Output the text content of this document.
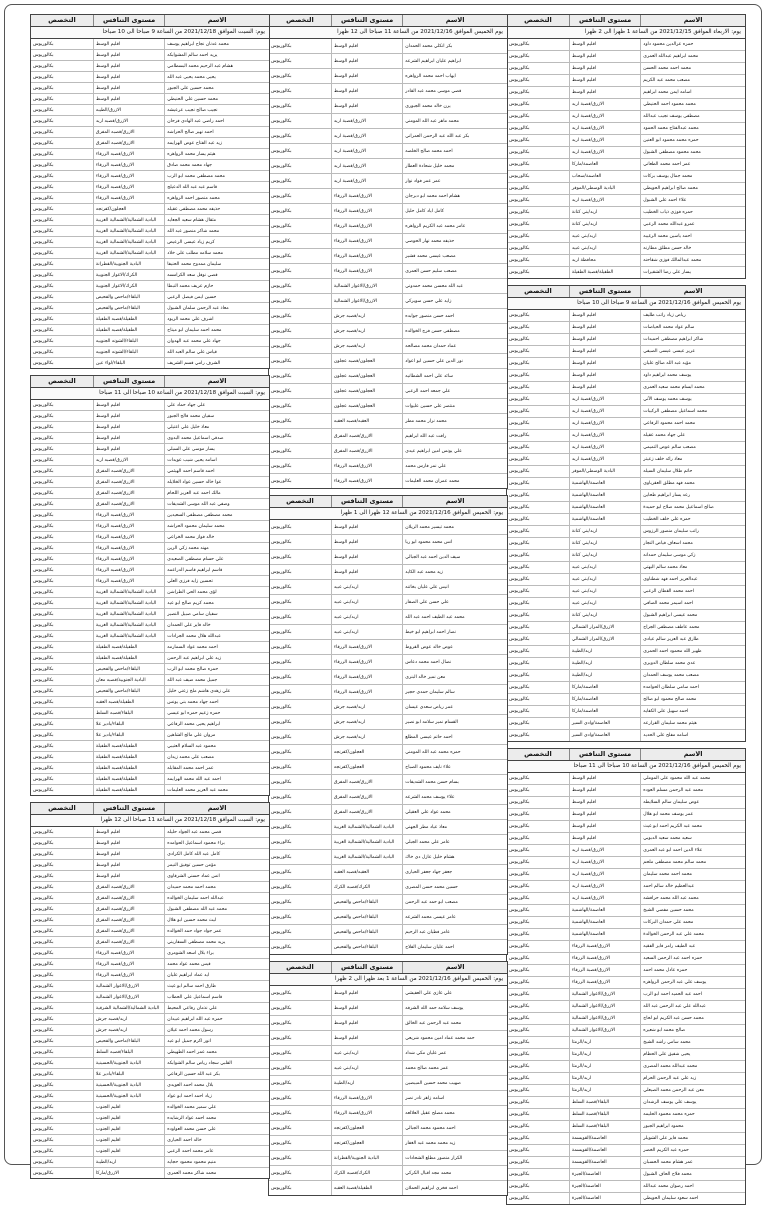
الاسم
مستوى التنافس
التخصص
يوم: الاربعاء الموافق 2021/12/15 من الساعة 1 ظهرا الى 2 ظهرا
حمزه عزالدين محمود داود
اقليم الوسط
بكالوريوس
محمد ابراهيم عبدالله العمري
اقليم الوسط
بكالوريوس
محمد احمد محمد الحسن
اقليم الوسط
بكالوريوس
مصعب محمد عبد الكريم
اقليم الوسط
بكالوريوس
اسامه ايمن محمد ابراهيم
اقليم الوسط
بكالوريوس
محمد محمود احمد الحنيطي
الازرق/قصبة اربد
بكالوريوس
مصطفى يوسف نجيب عبدالله
الازرق/قصبة اربد
بكالوريوس
محمد عبدالفتاح محمد الحمود
الازرق/قصبة اربد
بكالوريوس
حمزه محمد محمود ابو العنين
الازرق/قصبة اربد
بكالوريوس
محمد محمود مصطفى الشبول
الازرق/قصبة اربد
بكالوريوس
عمر احمد محمد الطعاني
العاصمة/ماركا
بكالوريوس
محمد جمال يوسف بركات
العاصمة/سحاب
بكالوريوس
محمد صالح ابراهيم الحويطي
البادية الوسطى/الموقر
بكالوريوس
علاء احمد علي الشبول
الازرق/قصبة اربد
بكالوريوس
حمزه فوزي ذياب الخطيب
اربد/بني كنانة
بكالوريوس
عمرو عبدالله محمد الزعبي
اربد/بني كنانة
بكالوريوس
احمد ياسين محمد الزغيبه
اربد/بني عبيد
بكالوريوس
خالد حسن مطلق مطارنه
اربد/بني عبيد
بكالوريوس
محمد عبدالمالك فوزي شقاحنه
محافظة اربد
بكالوريوس
يسار علي رضا الشقيرات
الطفيلة/قصبة الطفيلة
بكالوريوس
الاسم
مستوى التنافس
التخصص
يوم الخميس الموافق 2021/12/16 من الساعة 9 صباحا الى 10 صباحا
رياض زياد راتب طليف
اقليم الوسط
بكالوريوس
سالم عواد محمد الحياصات
اقليم الوسط
بكالوريوس
شاكر ابراهيم مصطفى احميدات
اقليم الوسط
بكالوريوس
عزيز عيسى عيسى الصيفي
اقليم الوسط
بكالوريوس
مؤيد عبد الله صالح عليان
اقليم الوسط
بكالوريوس
يوسف محمد ابراهيم داود
اقليم الوسط
بكالوريوس
محمد ابسام محمد سعيد العمري
اقليم الوسط
بكالوريوس
يوسف محمد يوسف الآتي
الازرق/قصبة اربد
بكالوريوس
محمد اسماعيل مصطفى الركيبات
الازرق/قصبة اربد
بكالوريوس
محمد احمد محمود الرفاعي
الازرق/قصبة اربد
بكالوريوس
علي جهاد محمد عقيله
الازرق/قصبة اربد
بكالوريوس
مصعب سالم عوض التميمي
الازرق/قصبة اربد
بكالوريوس
معاذ رائد خلف زعيتر
الازرق/قصبة اربد
بكالوريوس
حاتم طلال سليمان السيله
البادية الوسطى/الموقر
بكالوريوس
محمد فهد مطلق العقرباوي
العاصمة/الهاشمية
بكالوريوس
رعد يسار ابراهيم طحاين
العاصمة/الهاشمية
بكالوريوس
صالح اسماعيل محمد صلاح ابو حميدة
العاصمة/الهاشمية
بكالوريوس
حمزه علي خلف الخطيب
العاصمة/الهاشمية
بكالوريوس
راتب سليمان منصور الرزوس
اربد/بني كنانة
بكالوريوس
محمد اسعاف فياض النجار
اربد/بني كنانة
بكالوريوس
زكي موسى سليمان حمدانه
اربد/بني كنانة
بكالوريوس
معاذ محمد سالم البهتي
اربد/بني عبيد
بكالوريوس
عبدالعزيز احمد فهد شطناوي
اربد/بني عبيد
بكالوريوس
احمد محمد القطان الزعبي
اربد/بني عبيد
بكالوريوس
احمد اسيمر محمد الصافي
اربد/بني عبيد
بكالوريوس
محمد عيسى ابراهيم الشبول
اربد/بني كنانة
بكالوريوس
محمد عاطف مصطفى الجراح
الازرق/المزار الشمالي
بكالوريوس
طارق عبد العزيز سالم عيادي
الازرق/المزار الشمالي
بكالوريوس
ظهير الله محمود احمد الحمري
اربد/الطيبة
بكالوريوس
عدي محمد سلطان الدويري
اربد/الطيبة
بكالوريوس
مصعب محمد يوسف الحمدان
اربد/الطيبة
بكالوريوس
احمد سامي سلطان الحوامده
العاصمة/ماركا
بكالوريوس
محمد صالح محمود ابو صالح
العاصمة/ماركا
بكالوريوس
احمد سهيل علي الكفايه
العاصمة/ماركا
بكالوريوس
هيثم محمد سليمان القرارعه
العاصمة/وادي السير
بكالوريوس
اسامه مفلح علي الحديد
العاصمة/وادي السير
بكالوريوس
الاسم
مستوى التنافس
التخصص
يوم الخميس الموافق 2021/12/16 من الساعة 10 صباحا الى 11 صباحا
محمد عبد الله محمود علي الموملي
اقليم الوسط
بكالوريوس
محمد عبد الرحمن مسلم العوده
اقليم الوسط
بكالوريوس
عوض سليمان سالم السلايطه
اقليم الوسط
بكالوريوس
عمر يوسف محمد ابو هلال
اقليم الوسط
بكالوريوس
محمد عبد الكريم احمد ابو غيث
اقليم الوسط
بكالوريوس
سعيد محمد سعيد الدبوبي
اقليم الوسط
بكالوريوس
علاء الدين احمد ابو عبد العمري
الازرق/قصبة اربد
بكالوريوس
محمد سالم محمد مصطفى ملحم
الازرق/قصبة اربد
بكالوريوس
محمد احمد محمد سليمان
الازرق/قصبة اربد
بكالوريوس
عبدالعظيم خالد سالم احمد
الازرق/قصبة اربد
بكالوريوس
محمد عبد الله محمد حرافشه
الازرق/قصبة اربد
بكالوريوس
محمد حسين مفضي الشيخ
العاصمة/الهاشمية
بكالوريوس
محمد علي حمدان البركات
العاصمة/الهاشمية
بكالوريوس
محمد علي عبد الرحمن الخوالدة
العاصمة/الهاشمية
بكالوريوس
عبد الطيف رامز فايز الفقيه
الازرق/قصبة الزرقاء
بكالوريوس
حمزه احمد عبد الرحمن السعيد
الازرق/قصبة الزرقاء
بكالوريوس
حمزه عادل محمد احمد
الازرق/قصبة الزرقاء
بكالوريوس
يوسف علي عبد الرحمن الزواهره
الازرق/قصبة الزرقاء
بكالوريوس
احمد عبد الحميد احمد ابو الرب
الازرق/الاغوار الشمالية
بكالوريوس
عبدالله علي عبد الرحمن عبد الله
الازرق/الاغوار الشمالية
بكالوريوس
محمد حسن عبد الكريم ابو لحاج
الازرق/الاغوار الشمالية
بكالوريوس
صالح محمد ابو شعيره
الازرق/الاغوار الشمالية
بكالوريوس
محمد سامي راشد الشيخ
اربد/الرمثا
بكالوريوس
يحيى شفيق علي الحطام
اربد/الرمثا
بكالوريوس
محمد عبدالله محمد المصري
اربد/الرمثا
بكالوريوس
زيد علي عبد الرحمن الحرام
اربد/الرمثا
بكالوريوس
معن عبد الرحمن محمد الصيعلي
اربد/الرمثا
بكالوريوس
يوسف علي يوسف الرشدان
البلقاء/قصبة السلط
بكالوريوس
حمزه محمد محمود الحليمه
البلقاء/قصبة السلط
بكالوريوس
محمود ابراهيم الجبور
البلقاء/قصبة السلط
بكالوريوس
محمد فايز علي الشويلر
العاصمة/القويسمة
بكالوريوس
حمزه عبد الكريم الخضر
العاصمة/القويسمة
بكالوريوس
عمر هشام محمد الحسبان
العاصمة/القويسمة
بكالوريوس
محمد فلاح الحاف الشبول
العاصمة/الجيزة
بكالوريوس
احمد رضوان محمد عبدالله
العاصمة/الجيزة
بكالوريوس
احمد سعود سليمان الحويطي
العاصمة/الجيزة
بكالوريوس
الاسم
مستوى التنافس
التخصص
يوم الخميس الموافق 2021/12/16 من الساعة 11 صباحا الى 12 ظهرا
بكر انكلي محمد الحمدان
اقليم الوسط
بكالوريوس
ابراهيم عليان ابراهيم الشرعه
اقليم الوسط
بكالوريوس
ايهاب احمد محمد الزواهره
اقليم الوسط
بكالوريوس
قصي موسى محمد عبد القادر
اقليم الوسط
بكالوريوس
يزن خالد محمد الجبوري
اقليم الوسط
بكالوريوس
محمد ماهر عبد الله المومني
الازرق/قصبة اربد
بكالوريوس
بكر عبد الله عبد الرحمن العمراني
الازرق/قصبة اربد
بكالوريوس
احمد محمد صالح الخلصه
الازرق/قصبة اربد
بكالوريوس
محمد خليل شحادة العطار
الازرق/قصبة اربد
بكالوريوس
عمر عمر فواد نوار
الازرق/قصبة اربد
بكالوريوس
هشام احمد محمد ابو دبرجان
الازرق/قصبة الزرقاء
بكالوريوس
كامل اياد كامل حليل
الازرق/قصبة الزرقاء
بكالوريوس
عامر محمد عبد الكريم الزواهره
الازرق/قصبة الزرقاء
بكالوريوس
حذيفه محمد نهار الحوصي
الازرق/قصبة الزرقاء
بكالوريوس
مصعب عيسى محمد قشير
الازرق/قصبة الزرقاء
بكالوريوس
مصعب سليم حسن العمري
الازرق/قصبة الزرقاء
بكالوريوس
عبد الله محسن محمد حمدوني
الازرق/الاغوار الشمالية
بكالوريوس
زايد علي حسن سويركي
الازرق/الاغوار الشمالية
بكالوريوس
احمد حسن منصور جوابده
اربد/قصبه جرش
بكالوريوس
مصطفى حسن فرج الخوالده
اربد/قصبه جرش
بكالوريوس
عماد حمدان محمد مصالحه
اربد/قصبه جرش
بكالوريوس
نور الدين علي حسين ابو اعواد
العجلون/قصبه عجلون
بكالوريوس
سائد علي احمد الشطانيه
العجلون/قصبه عجلون
بكالوريوس
علي جمعه احمد الزعبي
العجلون/قصبه عجلون
بكالوريوس
منتصر علي حسين عليوات
العجلون/قصبه عجلون
بكالوريوس
محمد نزار محمد مطر
العقبه/قصبه العقبه
بكالوريوس
رافت عبد الله ابراهيم
الازرق/قصبه المفرق
بكالوريوس
علي يونس امين ابراهيم عيدي
الازرق/قصبه المفرق
بكالوريوس
علي نمر فارس محمد
الازرق/قصبه الزرقاء
بكالوريوس
محمد عمران محمد العليمات
الازرق/قصبه الزرقاء
بكالوريوس
الاسم
مستوى التنافس
التخصص
يوم: الخميس الموافق 2021/12/16 من الساعة 12 ظهرا الى 1 ظهرا
محمد تيسير محمد الزيلان
اقليم الوسط
بكالوريوس
انس محمد محمود ابو ريا
اقليم الوسط
بكالوريوس
سيف الدين احمد عبد الجبالي
اقليم الوسط
بكالوريوس
زيد محمد عبد الكايد
اقليم الوسط
بكالوريوس
انيس علي عليان بخاتنه
اربد/بني عبيد
بكالوريوس
علي حسن علي الصفار
اربد/بني عبيد
بكالوريوس
محمد عبد الطيف احمد عبد الله
اربد/بني عبيد
بكالوريوس
نصار احمد ابراهيم ابو خيط
اربد/بني عبيد
بكالوريوس
عوض خالد عوض القروط
الازرق/قصبة الزرقاء
بكالوريوس
نضال احمد محمد دعاس
الازرق/قصبة الزرقاء
بكالوريوس
معن نمير خالد البنزي
الازرق/قصبة الزرقاء
بكالوريوس
سالم سليمان حمدي حجير
الازرق/قصبة الزرقاء
بكالوريوس
عمر رياض سعدي عيسان
اربد/قصبه جرش
بكالوريوس
القسام نمير سلامه ابو نصير
اربد/قصبه جرش
بكالوريوس
احمد حاتم عيسى المطلع
اربد/قصبه جرش
بكالوريوس
حمزه محمد عبد الله المومني
العجلون/كفرنجه
بكالوريوس
علاء نايف محمود الصباح
العجلون/كفرنجه
بكالوريوس
بسام حسن محمد الشديفات
الازرق/قصبه المفرق
بكالوريوس
علاء يوسف محمد الشرعه
الازرق/قصبه المفرق
بكالوريوس
محمد عواد علي العقيلي
الازرق/قصبه المفرق
بكالوريوس
معاذ عياد مطر الجهني
البادية الشمالية/الشمالية الغربية
بكالوريوس
عامر علي محمد الجبلي
البادية الشمالية/الشمالية الغربية
بكالوريوس
هشام خليل عازل دي خاك
البادية الشمالية/الشمالية الغربية
بكالوريوس
جعفر جهاد جعفر الحياري
العقبه/قصبه العقبه
بكالوريوس
حسين محمد حسن المصري
الكرك/قصبه الكرك
بكالوريوس
مصعب ابو حمد عبد الرحمن
البلقاء/ماحص والفحيص
بكالوريوس
عامر عيسى محمد الشرعه
البلقاء/ماحص والفحيص
بكالوريوس
عامر فطيان عبد الرحيم
البلقاء/ماحص والفحيص
بكالوريوس
احمد عليان سليمان الفلاح
البلقاء/ماحص والفحيص
بكالوريوس
الاسم
مستوى التنافس
التخصص
يوم: الخميس الموافق 2021/12/16 من الساعة 1 بعد ظهرا الى 2 ظهرا
علي غازي علي العفيشي
اقليم الوسط
بكالوريوس
يوسف سلامه حمد الله الشرفه
اقليم الوسط
بكالوريوس
محمد عبد الرحمن عبد الخالق
اقليم الوسط
بكالوريوس
حمد محمد عماد امين محمود شريعي
اقليم الوسط
بكالوريوس
عمر عليان مكي شداد
اربد/بني عبيد
بكالوريوس
عمر محمد صالح محمد
اربد/بني عبيد
بكالوريوس
صهيب محمد حسين المبيضين
اربد/الطيبة
بكالوريوس
اسامه زاهر نادر نصر
الازرق/قصبة الزرقاء
بكالوريوس
محمد مصلح عقيل العلالعه
الازرق/قصبة الزرقاء
بكالوريوس
احمد محمود محمد الجبالي
العجلون/كفرنجه
بكالوريوس
زيد محمد محمد عبد الغفار
العجلون/كفرنجه
بكالوريوس
الكرار منصور مطلع الشحادات
البادية الجنوبية/القطرانة
بكالوريوس
محمد مجد اقبال الكركي
الكرك/قصبه الكرك
بكالوريوس
احمد فخري ابراهيم الحملان
الطفيلة/قصبة العقبه
بكالوريوس
الاسم
مستوى التنافس
التخصص
يوم: السبت الموافق 2021/12/18 من الساعة 9 صباحا الى 10 صباحا
محمد عدنان نجاح ابراهيم يوسف
اقليم الوسط
بكالوريوس
يزيد احمد سالم المشوابكه
اقليم الوسط
بكالوريوس
هشام عبد الرحيم محمد البسطامي
اقليم الوسط
بكالوريوس
يحيى محمد يحيى عبد الله
اقليم الوسط
بكالوريوس
محمد حسين علي الجبور
اقليم الوسط
بكالوريوس
محمد حسين علي الحنيطي
اقليم الوسط
بكالوريوس
نجيب صالح نجيب عرعيشه
الازرق/الطيبه
بكالوريوس
احمد راضي عبد الهادي فرحان
الازرق/قصبه اربد
بكالوريوس
احمد نهير صالح الحراشه
الازرق/قصبه المفرق
بكالوريوس
زيد عبد الفتاح عوض الهزايمه
الازرق/قصبه المفرق
بكالوريوس
هيثم يسار محمد الزواهره
الازرق/قصبه الزرقاء
بكالوريوس
جهاد محمد محمد صادق
الازرق/قصبه الزرقاء
بكالوريوس
محمد مصطفى محمد ابو الرب
الازرق/قصبه الزرقاء
بكالوريوس
قاسم عبد عبد الله الدعيلج
الازرق/قصبه الزرقاء
بكالوريوس
محمد منصور احمد الزواهره
الازرق/قصبه الزرقاء
بكالوريوس
حذيفه محمد مصطفى عقيله
العجلون/كفرنجه
بكالوريوس
مثقال هشام سعيد الجعايد
البادية الشمالية/الشمالية الغربية
بكالوريوس
محمد شاكر منصور عبد الله
البادية الشمالية/الشمالية الغربية
بكالوريوس
كريم زياد عيسى الرعيض
البادية الشمالية/الشمالية الغربية
بكالوريوس
محمد سلامه مطلب علي خلاد
البادية الشمالية/الشمالية الغربية
بكالوريوس
سليمان ممدوح محمد الحنيفا
البادية الجنوبية/القطرانة
بكالوريوس
قصي نوفل سعد الكرامسه
الكرك/الاغوار الجنوبية
بكالوريوس
حازم عريف محمد النبطا
الكرك/الاغوار الجنوبية
بكالوريوس
حسين ايمن فيصل الزعبي
البلقاء/ماحص والفحيص
بكالوريوس
معاذ عبد الرحمن سلمان الشبول
البلقاء/ماحص والفحيص
بكالوريوس
اشرف علي محمد الزيود
الطفيلة/قصبه الطفيلة
بكالوريوس
محمد احمد سليمان ابو ميناح
الطفيلة/قصبه الطفيلة
بكالوريوس
جهاد علي محمد عبد الهدوان
البلقاء/الشونه الجنوبيه
بكالوريوس
قياس علي سالم العبد الله
البلقاء/الشونه الجنوبيه
بكالوريوس
الشرف رامي قسم الشريف
البلقاء/لواء عين
بكالوريوس
الاسم
مستوى التنافس
التخصص
يوم: السبت الموافق 2021/12/18 من الساعة 10 صباحا الى 11 صباحا
علي جهاد حماد علي
اقليم الوسط
بكالوريوس
سفيان محمد فالح الجبور
اقليم الوسط
بكالوريوس
معاذ خليل علي اعتيلي
اقليم الوسط
بكالوريوس
صدقي اسماعيل محمد البدوي
اقليم الوسط
بكالوريوس
يسار موسى علي السبلي
اقليم الوسط
بكالوريوس
اسامه يحيى شيب عويدات
الازرق/قصبه اربد
بكالوريوس
احمد قاسم احمد الهيثمي
الازرق/قصبه المفرق
بكالوريوس
عوا خالد حسين عواد الخلايله
الازرق/قصبه المفرق
بكالوريوس
مالك احمد عبد العزيز اللحام
الازرق/قصبه المفرق
بكالوريوس
وصفي عبد الله موسى الشديفات
الازرق/قصبه المفرق
بكالوريوس
محمد مصطفى مصطفى السعيدين
الازرق/قصبه الزرقاء
بكالوريوس
محمد سليمان محمود الحراشه
الازرق/قصبه الزرقاء
بكالوريوس
خالد فواز محمد الخزاعي
الازرق/قصبه الزرقاء
بكالوريوس
مهند محمد زكي الزين
الازرق/قصبه الزرقاء
بكالوريوس
علي حسام مصطفى الصعيدي
الازرق/قصبه الزرقاء
بكالوريوس
قاسم ابراهيم قاسم الدراعمه
الازرق/قصبه الزرقاء
بكالوريوس
تحسين زايد فرزي العلي
الازرق/قصبه الزرقاء
بكالوريوس
لؤي محمد الحي الطراشن
البادية الشمالية/الشمالية الغربية
بكالوريوس
محمد كريم صالح ابو عيد
البادية الشمالية/الشمالية الغربية
بكالوريوس
سفيان سامي صبيل النصير
البادية الشمالية/الشمالية الغربية
بكالوريوس
خالد فايز علي الحمدان
البادية الشمالية/الشمالية الغربية
بكالوريوس
عبدالله هلال محمد الجرادات
البادية الشمالية/الشمالية الغربية
بكالوريوس
احمد محمد عواد السمارمه
الطفيلة/قصبه الطفيلة
بكالوريوس
زيد علي ابراهيم عبد الرحمن
الطفيلة/قصبه الطفيلة
بكالوريوس
حمزه صالح محمد ابو الرب
البلقاء/ماحص والفحيص
بكالوريوس
جميل محمد ضيف عبد الله
البادية الجنوبية/قصبه معان
بكالوريوس
علي زهدي هاشم ملخ زعني خليل
البلقاء/ماحص والفحيص
بكالوريوس
احمد جهاد محمد بني يونس
الطفيلة/قصبه العقبه
بكالوريوس
حمزه زعيم حمزه ابو عيسى
البلقاء/قصبه السلط
بكالوريوس
ابراهيم يحيى محمد الرفاعي
البلقاء/بادير علا
بكالوريوس
مروان علي مالج الشاهين
البلقاء/بادير علا
بكالوريوس
محمود عبد السلام العتيبي
الطفيلة/قصبه الطفيلة
بكالوريوس
مصعب علي محمد زيدان
الطفيلة/قصبه الطفيلة
بكالوريوس
عمر احمد محمد المقابله
الطفيلة/قصبه الطفيلة
بكالوريوس
احمد عبد الله محمد الهزايمه
الطفيلة/قصبه الطفيلة
بكالوريوس
محمد عبد العزيز محمد العليمات
الطفيلة/قصبه الطفيلة
بكالوريوس
الاسم
مستوى التنافس
التخصص
يوم: السبت الموافق 2021/12/18 من الساعة 11 صباحا الى 12 ظهرا
قصي محمد عبد الجواد حليله
اقليم الوسط
بكالوريوس
براء محمود اسماعيل الحوامده
اقليم الوسط
بكالوريوس
كامل عبد الله كامل الكرادي
اقليم الوسط
بكالوريوس
مؤمن حسين توفيق النيمر
اقليم الوسط
بكالوريوس
انس عماد حسني الشرقاوي
اقليم الوسط
بكالوريوس
محمد احمد محمد حميدان
الازرق/قصبه المفرق
بكالوريوس
عبدالله احمد سليمان الخوالده
الازرق/قصبه المفرق
بكالوريوس
محمد عبد الله مصطفى الشبول
الازرق/قصبه المفرق
بكالوريوس
ليث محمد حسين ابو هلال
الازرق/قصبه المفرق
بكالوريوس
عمر جواد جواد حمد الخوالده
الازرق/قصبه المفرق
بكالوريوس
يزيد محمد مصطفى السفاريني
الازرق/قصبه المفرق
بكالوريوس
براء بلال اسعد الشومري
الازرق/قصبه الزرقاء
بكالوريوس
قيس محمد عواد محمد
الازرق/قصبه الزرقاء
بكالوريوس
ايد عماد ابراهيم عليان
الازرق/قصبه الزرقاء
بكالوريوس
طارق احمد سالم ابو غيث
الازرق/الاغوار الشمالية
بكالوريوس
قاسم اسماعيل علي الحطاب
الازرق/الاغوار الشمالية
بكالوريوس
علي نذمان رفاعي المحيط
البادية الشمالية/الشمالية الشرقية
بكالوريوس
حمزه عبد الله ابراهيم عبيدان
اربد/قصبه جرش
بكالوريوس
رسول محمد احمد غيلان
اربد/قصبه جرش
بكالوريوس
انور اكرم جميل ابو عيد
البلقاء/ماحص والفحيص
بكالوريوس
محمد عمر احمد الطهيطي
البلقاء/قصبه السلط
بكالوريوس
القلبي سجاد رياض سالم الشوابكه
البادية الجنوبية/الحسينية
بكالوريوس
بكر عبد الله حسين الرفاعي
البلقاء/بادير علا
بكالوريوس
بلال محمد احمد العويدي
البادية الجنوبية/الحسينية
بكالوريوس
زياد احمد احمد ابو عواد
البادية الجنوبية/الحسينية
بكالوريوس
علي سمير محمد الخوالده
اقليم الجنوب
بكالوريوس
محمد احمد عواد الرشايده
اقليم الجنوب
بكالوريوس
علي حسن محمد العواوده
اقليم الجنوب
بكالوريوس
خالد احمد الحياري
اقليم الجنوب
بكالوريوس
عامر محمد احمد الزعبي
اقليم الجنوب
بكالوريوس
منيم محمود محمود حجايه
اربد/الطيبة
بكالوريوس
محمد شاكر محمد العمري
الازرق/ماركا
بكالوريوس
